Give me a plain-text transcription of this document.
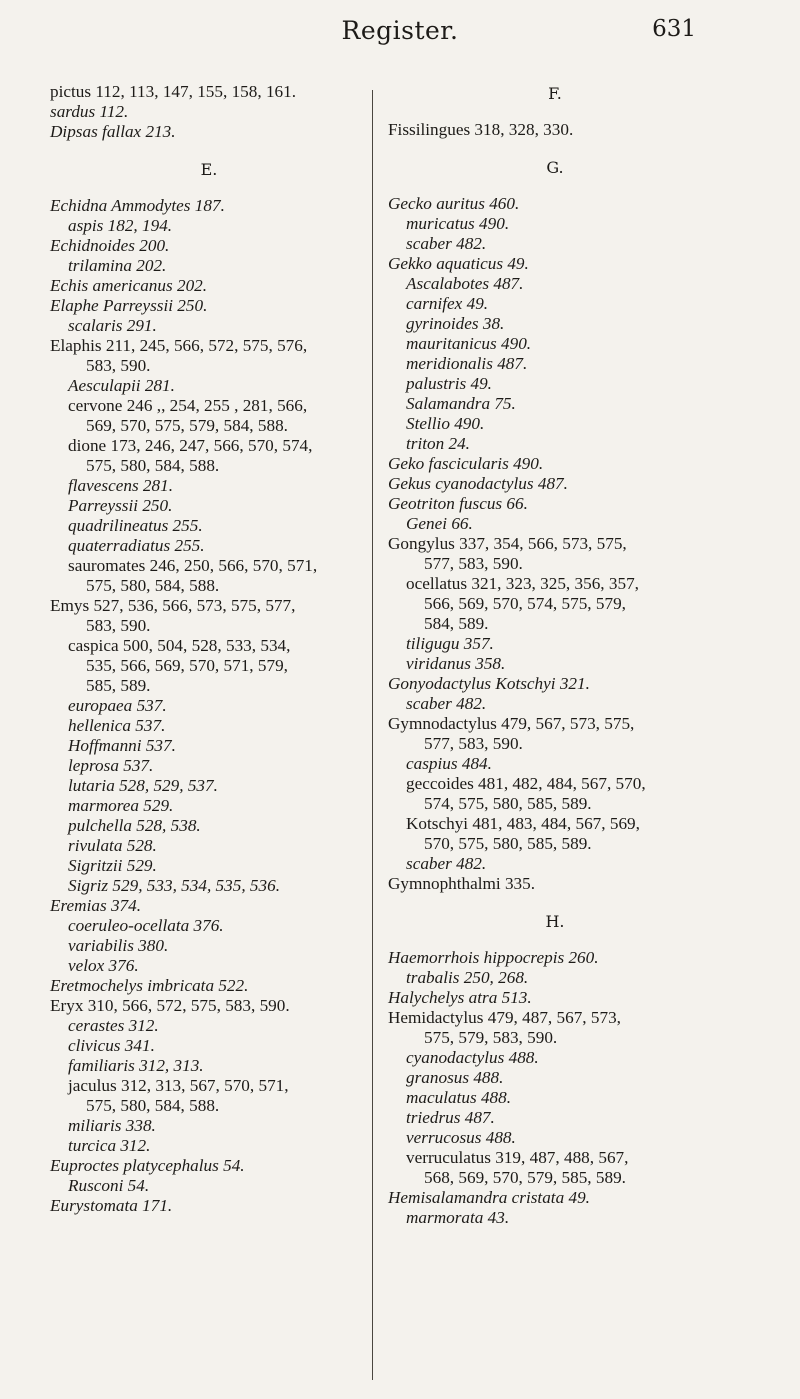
Register.	631
pictus 112, 113, 147, 155, 158, 161.
sardus 112.
Dipsas fallax 213.
E.
Echidna Ammodytes 187.
aspis 182, 194.
Echidnoides 200.
trilamina 202.
Echis americanus 202.
Elaphe Parreyssii 250.
scalaris 291.
Elaphis 211, 245, 566, 572, 575, 576,
583, 590.
Aesculapii 281.
cervone 246 ,, 254, 255 , 281, 566,
569, 570, 575, 579, 584, 588.
dione 173, 246, 247, 566, 570, 574,
575, 580, 584, 588.
flavescens 281.
Parreyssii 250.
quadrilineatus 255.
quaterradiatus 255.
sauromates 246, 250, 566, 570, 571,
575, 580, 584, 588.
Emys 527, 536, 566, 573, 575, 577,
583, 590.
caspica 500, 504, 528, 533, 534,
535, 566, 569, 570, 571, 579,
585, 589.
europaea 537.
hellenica 537.
Hoffmanni 537.
leprosa 537.
lutaria 528, 529, 537.
marmorea 529.
pulchella 528, 538.
rivulata 528.
Sigritzii 529.
Sigriz 529, 533, 534, 535, 536.
Eremias 374.
coeruleo-ocellata 376.
variabilis 380.
velox 376.
Eretmochelys imbricata 522.
Eryx 310, 566, 572, 575, 583, 590.
cerastes 312.
clivicus 341.
familiaris 312, 313.
jaculus 312, 313, 567, 570, 571,
575, 580, 584, 588.
miliaris 338.
turcica 312.
Euproctes platycephalus 54.
Rusconi 54.
Eurystomata 171.
F.
Fissilingues 318, 328, 330.
G.
Gecko auritus 460.
muricatus 490.
scaber 482.
Gekko aquaticus 49.
Ascalabotes 487.
carnifex 49.
gyrinoides 38.
mauritanicus 490.
meridionalis 487.
palustris 49.
Salamandra 75.
Stellio 490.
triton 24.
Geko fascicularis 490.
Gekus cyanodactylus 487.
Geotriton fuscus 66.
Genei 66.
Gongylus 337, 354, 566, 573, 575,
577, 583, 590.
ocellatus 321, 323, 325, 356, 357,
566, 569, 570, 574, 575, 579,
584, 589.
tiligugu 357.
viridanus 358.
Gonyodactylus Kotschyi 321.
scaber 482.
Gymnodactylus 479, 567, 573, 575,
577, 583, 590.
caspius 484.
geccoides 481, 482, 484, 567, 570,
574, 575, 580, 585, 589.
Kotschyi 481, 483, 484, 567, 569,
570, 575, 580, 585, 589.
scaber 482.
Gymnophthalmi 335.
H.
Haemorrhois hippocrepis 260.
trabalis 250, 268.
Halychelys atra 513.
Hemidactylus 479, 487, 567, 573,
575, 579, 583, 590.
cyanodactylus 488.
granosus 488.
maculatus 488.
triedrus 487.
verrucosus 488.
verruculatus 319, 487, 488, 567,
568, 569, 570, 579, 585, 589.
Hemisalamandra cristata 49.
marmorata 43.
